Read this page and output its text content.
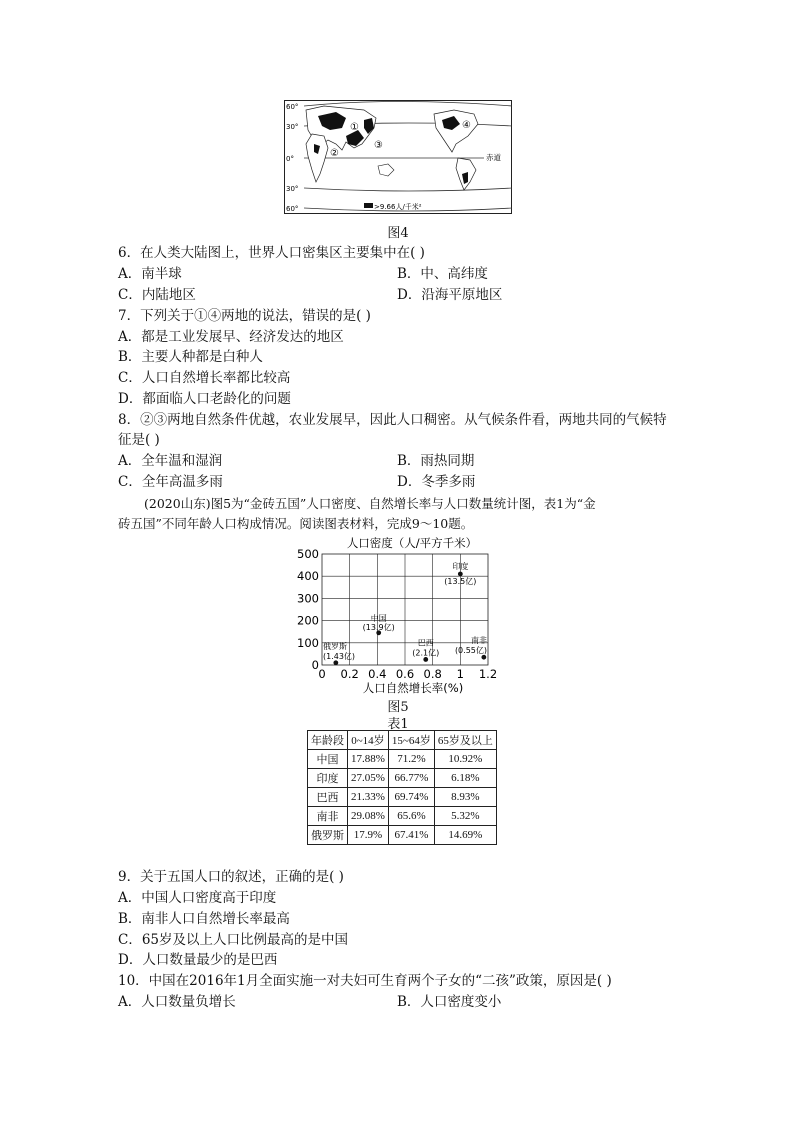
60°
30°
0°
30°
60°
赤道
①
②
③
④
>9.66人/千米²
图4
6．在人类大陆图上，世界人口密集区主要集中在( )
A．南半球	B．中、高纬度
C．内陆地区	D．沿海平原地区
7．下列关于①④两地的说法，错误的是( )
A．都是工业发展早、经济发达的地区
B．主要人种都是白种人
C．人口自然增长率都比较高
D．都面临人口老龄化的问题
8．②③两地自然条件优越，农业发展早，因此人口稠密。从气候条件看，两地共同的气候特
征是( )
A．全年温和湿润	B．雨热同期
C．全年高温多雨	D．冬季多雨
(2020山东)图5为“金砖五国”人口密度、自然增长率与人口数量统计图，表1为“金
砖五国”不同年龄人口构成情况。阅读图表材料，完成9～10题。
人口密度（人/平方千米）
0
100
200
300
400
500
0 0.2 0.4 0.6 0.8 1 1.2
印度
(13.5亿)
中国
(13.9亿)
巴西
(2.1亿)
南非
(0.55亿)
俄罗斯
(1.43亿)
人口自然增长率(%)
图5
表1
年龄段	0~14岁	15~64岁	65岁及以上
中国	17.88%	71.2%	10.92%
印度	27.05%	66.77%	6.18%
巴西	21.33%	69.74%	8.93%
南非	29.08%	65.6%	5.32%
俄罗斯	17.9%	67.41%	14.69%
9．关于五国人口的叙述，正确的是( )
A．中国人口密度高于印度
B．南非人口自然增长率最高
C．65岁及以上人口比例最高的是中国
D．人口数量最少的是巴西
10．中国在2016年1月全面实施一对夫妇可生育两个子女的“二孩”政策，原因是( )
A．人口数量负增长	B．人口密度变小
